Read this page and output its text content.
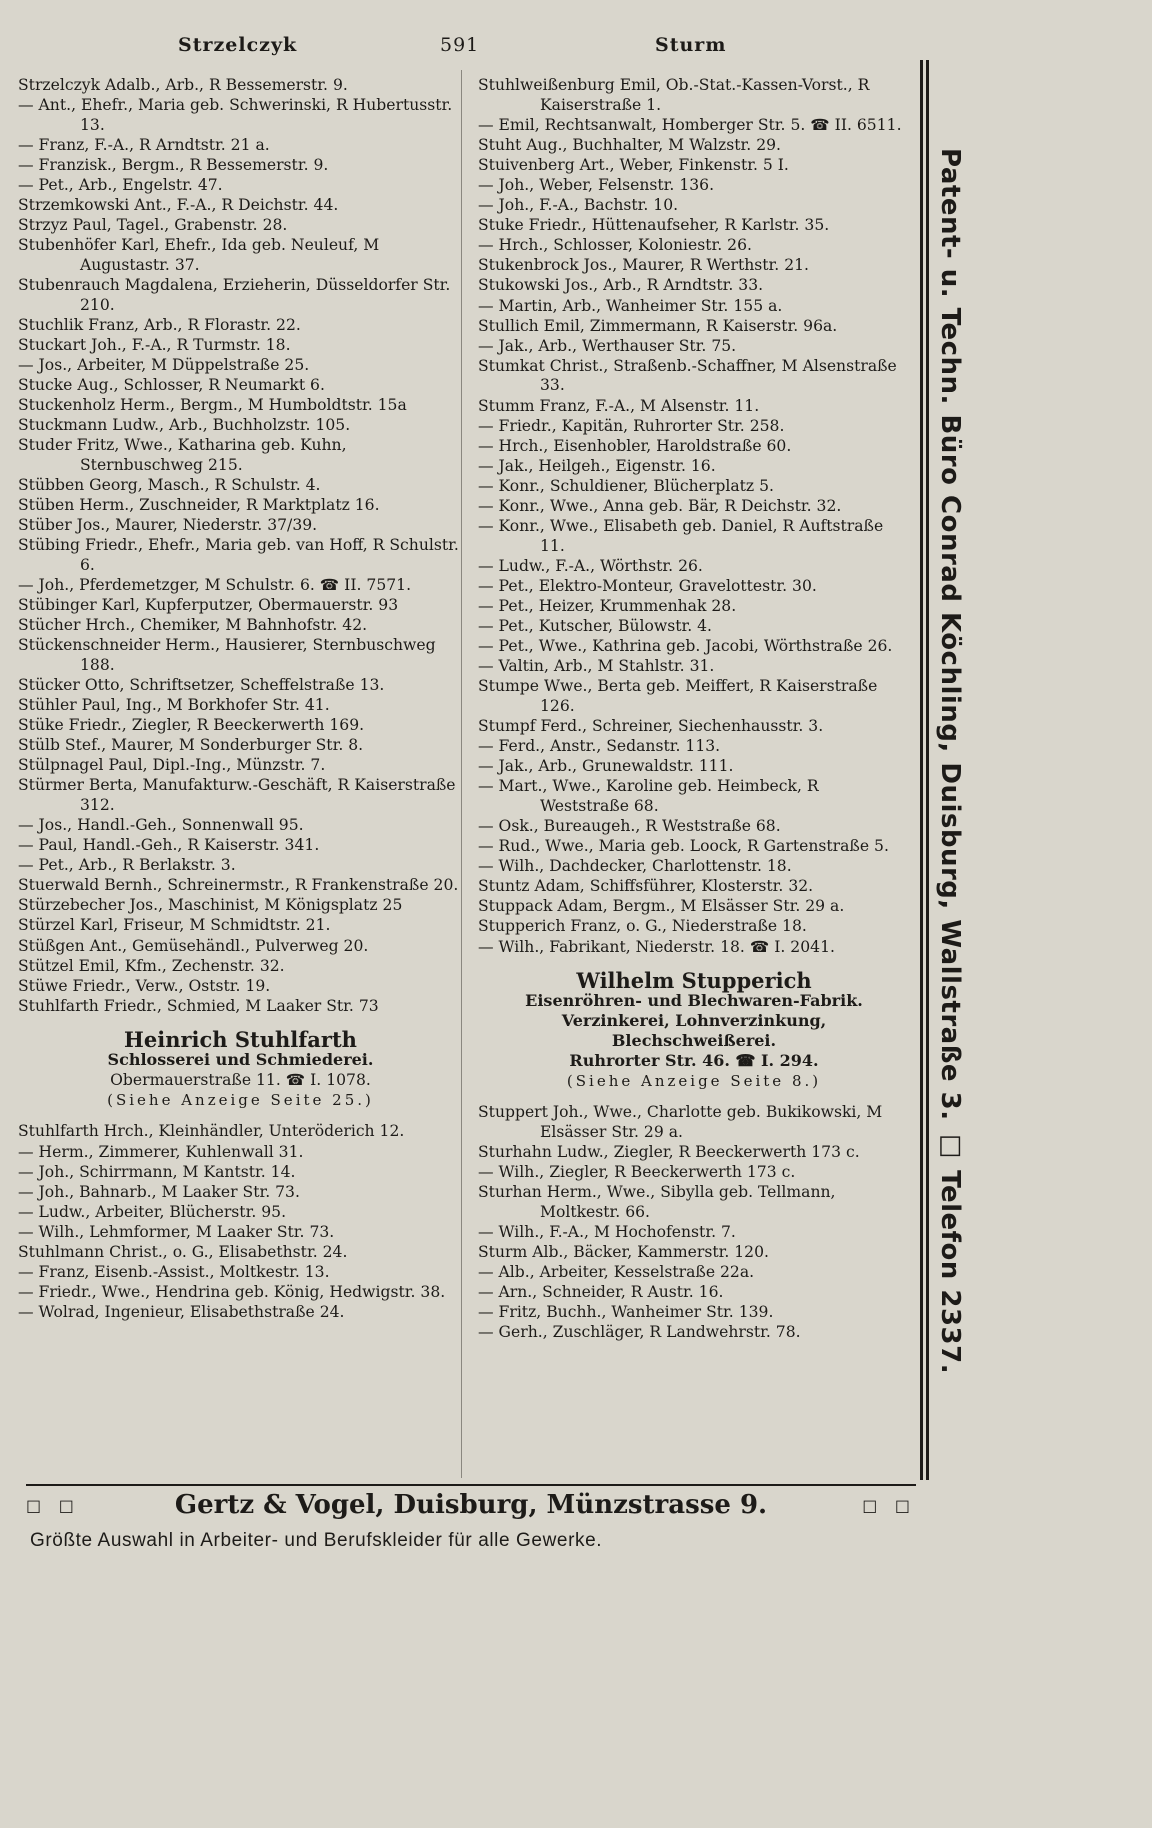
Strzelczyk	591	Sturm
Strzelczyk Adalb., Arb., R Bessemerstr. 9.
— Ant., Ehefr., Maria geb. Schwerinski, R Hubertusstr. 13.
— Franz, F.-A., R Arndtstr. 21 a.
— Franzisk., Bergm., R Bessemerstr. 9.
— Pet., Arb., Engelstr. 47.
Strzemkowski Ant., F.-A., R Deichstr. 44.
Strzyz Paul, Tagel., Grabenstr. 28.
Stubenhöfer Karl, Ehefr., Ida geb. Neuleuf, M Augustastr. 37.
Stubenrauch Magdalena, Erzieherin, Düsseldorfer Str. 210.
Stuchlik Franz, Arb., R Florastr. 22.
Stuckart Joh., F.-A., R Turmstr. 18.
— Jos., Arbeiter, M Düppelstraße 25.
Stucke Aug., Schlosser, R Neumarkt 6.
Stuckenholz Herm., Bergm., M Humboldtstr. 15a
Stuckmann Ludw., Arb., Buchholzstr. 105.
Studer Fritz, Wwe., Katharina geb. Kuhn, Sternbuschweg 215.
Stübben Georg, Masch., R Schulstr. 4.
Stüben Herm., Zuschneider, R Marktplatz 16.
Stüber Jos., Maurer, Niederstr. 37/39.
Stübing Friedr., Ehefr., Maria geb. van Hoff, R Schulstr. 6.
— Joh., Pferdemetzger, M Schulstr. 6. ☎ II. 7571.
Stübinger Karl, Kupferputzer, Obermauerstr. 93
Stücher Hrch., Chemiker, M Bahnhofstr. 42.
Stückenschneider Herm., Hausierer, Sternbuschweg 188.
Stücker Otto, Schriftsetzer, Scheffelstraße 13.
Stühler Paul, Ing., M Borkhofer Str. 41.
Stüke Friedr., Ziegler, R Beeckerwerth 169.
Stülb Stef., Maurer, M Sonderburger Str. 8.
Stülpnagel Paul, Dipl.-Ing., Münzstr. 7.
Stürmer Berta, Manufakturw.-Geschäft, R Kaiserstraße 312.
— Jos., Handl.-Geh., Sonnenwall 95.
— Paul, Handl.-Geh., R Kaiserstr. 341.
— Pet., Arb., R Berlakstr. 3.
Stuerwald Bernh., Schreinermstr., R Frankenstraße 20.
Stürzebecher Jos., Maschinist, M Königsplatz 25
Stürzel Karl, Friseur, M Schmidtstr. 21.
Stüßgen Ant., Gemüsehändl., Pulverweg 20.
Stützel Emil, Kfm., Zechenstr. 32.
Stüwe Friedr., Verw., Oststr. 19.
Stuhlfarth Friedr., Schmied, M Laaker Str. 73
Heinrich Stuhlfarth
Schlosserei und Schmiederei.
Obermauerstraße 11. ☎ I. 1078.
(Siehe Anzeige Seite 25.)
Stuhlfarth Hrch., Kleinhändler, Unteröderich 12.
— Herm., Zimmerer, Kuhlenwall 31.
— Joh., Schirrmann, M Kantstr. 14.
— Joh., Bahnarb., M Laaker Str. 73.
— Ludw., Arbeiter, Blücherstr. 95.
— Wilh., Lehmformer, M Laaker Str. 73.
Stuhlmann Christ., o. G., Elisabethstr. 24.
— Franz, Eisenb.-Assist., Moltkestr. 13.
— Friedr., Wwe., Hendrina geb. König, Hedwigstr. 38.
— Wolrad, Ingenieur, Elisabethstraße 24.
Stuhlweißenburg Emil, Ob.-Stat.-Kassen-Vorst., R Kaiserstraße 1.
— Emil, Rechtsanwalt, Homberger Str. 5. ☎ II. 6511.
Stuht Aug., Buchhalter, M Walzstr. 29.
Stuivenberg Art., Weber, Finkenstr. 5 I.
— Joh., Weber, Felsenstr. 136.
— Joh., F.-A., Bachstr. 10.
Stuke Friedr., Hüttenaufseher, R Karlstr. 35.
— Hrch., Schlosser, Koloniestr. 26.
Stukenbrock Jos., Maurer, R Werthstr. 21.
Stukowski Jos., Arb., R Arndtstr. 33.
— Martin, Arb., Wanheimer Str. 155 a.
Stullich Emil, Zimmermann, R Kaiserstr. 96a.
— Jak., Arb., Werthauser Str. 75.
Stumkat Christ., Straßenb.-Schaffner, M Alsenstraße 33.
Stumm Franz, F.-A., M Alsenstr. 11.
— Friedr., Kapitän, Ruhrorter Str. 258.
— Hrch., Eisenhobler, Haroldstraße 60.
— Jak., Heilgeh., Eigenstr. 16.
— Konr., Schuldiener, Blücherplatz 5.
— Konr., Wwe., Anna geb. Bär, R Deichstr. 32.
— Konr., Wwe., Elisabeth geb. Daniel, R Auftstraße 11.
— Ludw., F.-A., Wörthstr. 26.
— Pet., Elektro-Monteur, Gravelottestr. 30.
— Pet., Heizer, Krummenhak 28.
— Pet., Kutscher, Bülowstr. 4.
— Pet., Wwe., Kathrina geb. Jacobi, Wörthstraße 26.
— Valtin, Arb., M Stahlstr. 31.
Stumpe Wwe., Berta geb. Meiffert, R Kaiserstraße 126.
Stumpf Ferd., Schreiner, Siechenhausstr. 3.
— Ferd., Anstr., Sedanstr. 113.
— Jak., Arb., Grunewaldstr. 111.
— Mart., Wwe., Karoline geb. Heimbeck, R Weststraße 68.
— Osk., Bureaugeh., R Weststraße 68.
— Rud., Wwe., Maria geb. Loock, R Gartenstraße 5.
— Wilh., Dachdecker, Charlottenstr. 18.
Stuntz Adam, Schiffsführer, Klosterstr. 32.
Stuppack Adam, Bergm., M Elsässer Str. 29 a.
Stupperich Franz, o. G., Niederstraße 18.
— Wilh., Fabrikant, Niederstr. 18. ☎ I. 2041.
Wilhelm Stupperich
Eisenröhren- und Blechwaren-Fabrik.
Verzinkerei, Lohnverzinkung, Blechschweißerei.
Ruhrorter Str. 46. ☎ I. 294.
(Siehe Anzeige Seite 8.)
Stuppert Joh., Wwe., Charlotte geb. Bukikowski, M Elsässer Str. 29 a.
Sturhahn Ludw., Ziegler, R Beeckerwerth 173 c.
— Wilh., Ziegler, R Beeckerwerth 173 c.
Sturhan Herm., Wwe., Sibylla geb. Tellmann, Moltkestr. 66.
— Wilh., F.-A., M Hochofenstr. 7.
Sturm Alb., Bäcker, Kammerstr. 120.
— Alb., Arbeiter, Kesselstraße 22a.
— Arn., Schneider, R Austr. 16.
— Fritz, Buchh., Wanheimer Str. 139.
— Gerh., Zuschläger, R Landwehrstr. 78.	Patent- u. Techn. Büro Conrad Köchling, Duisburg, Wallstraße 3. □ Telefon 2337.
□ □	Gertz & Vogel, Duisburg, Münzstrasse 9.	□ □
Größte Auswahl in Arbeiter- und Berufskleider für alle Gewerke.
